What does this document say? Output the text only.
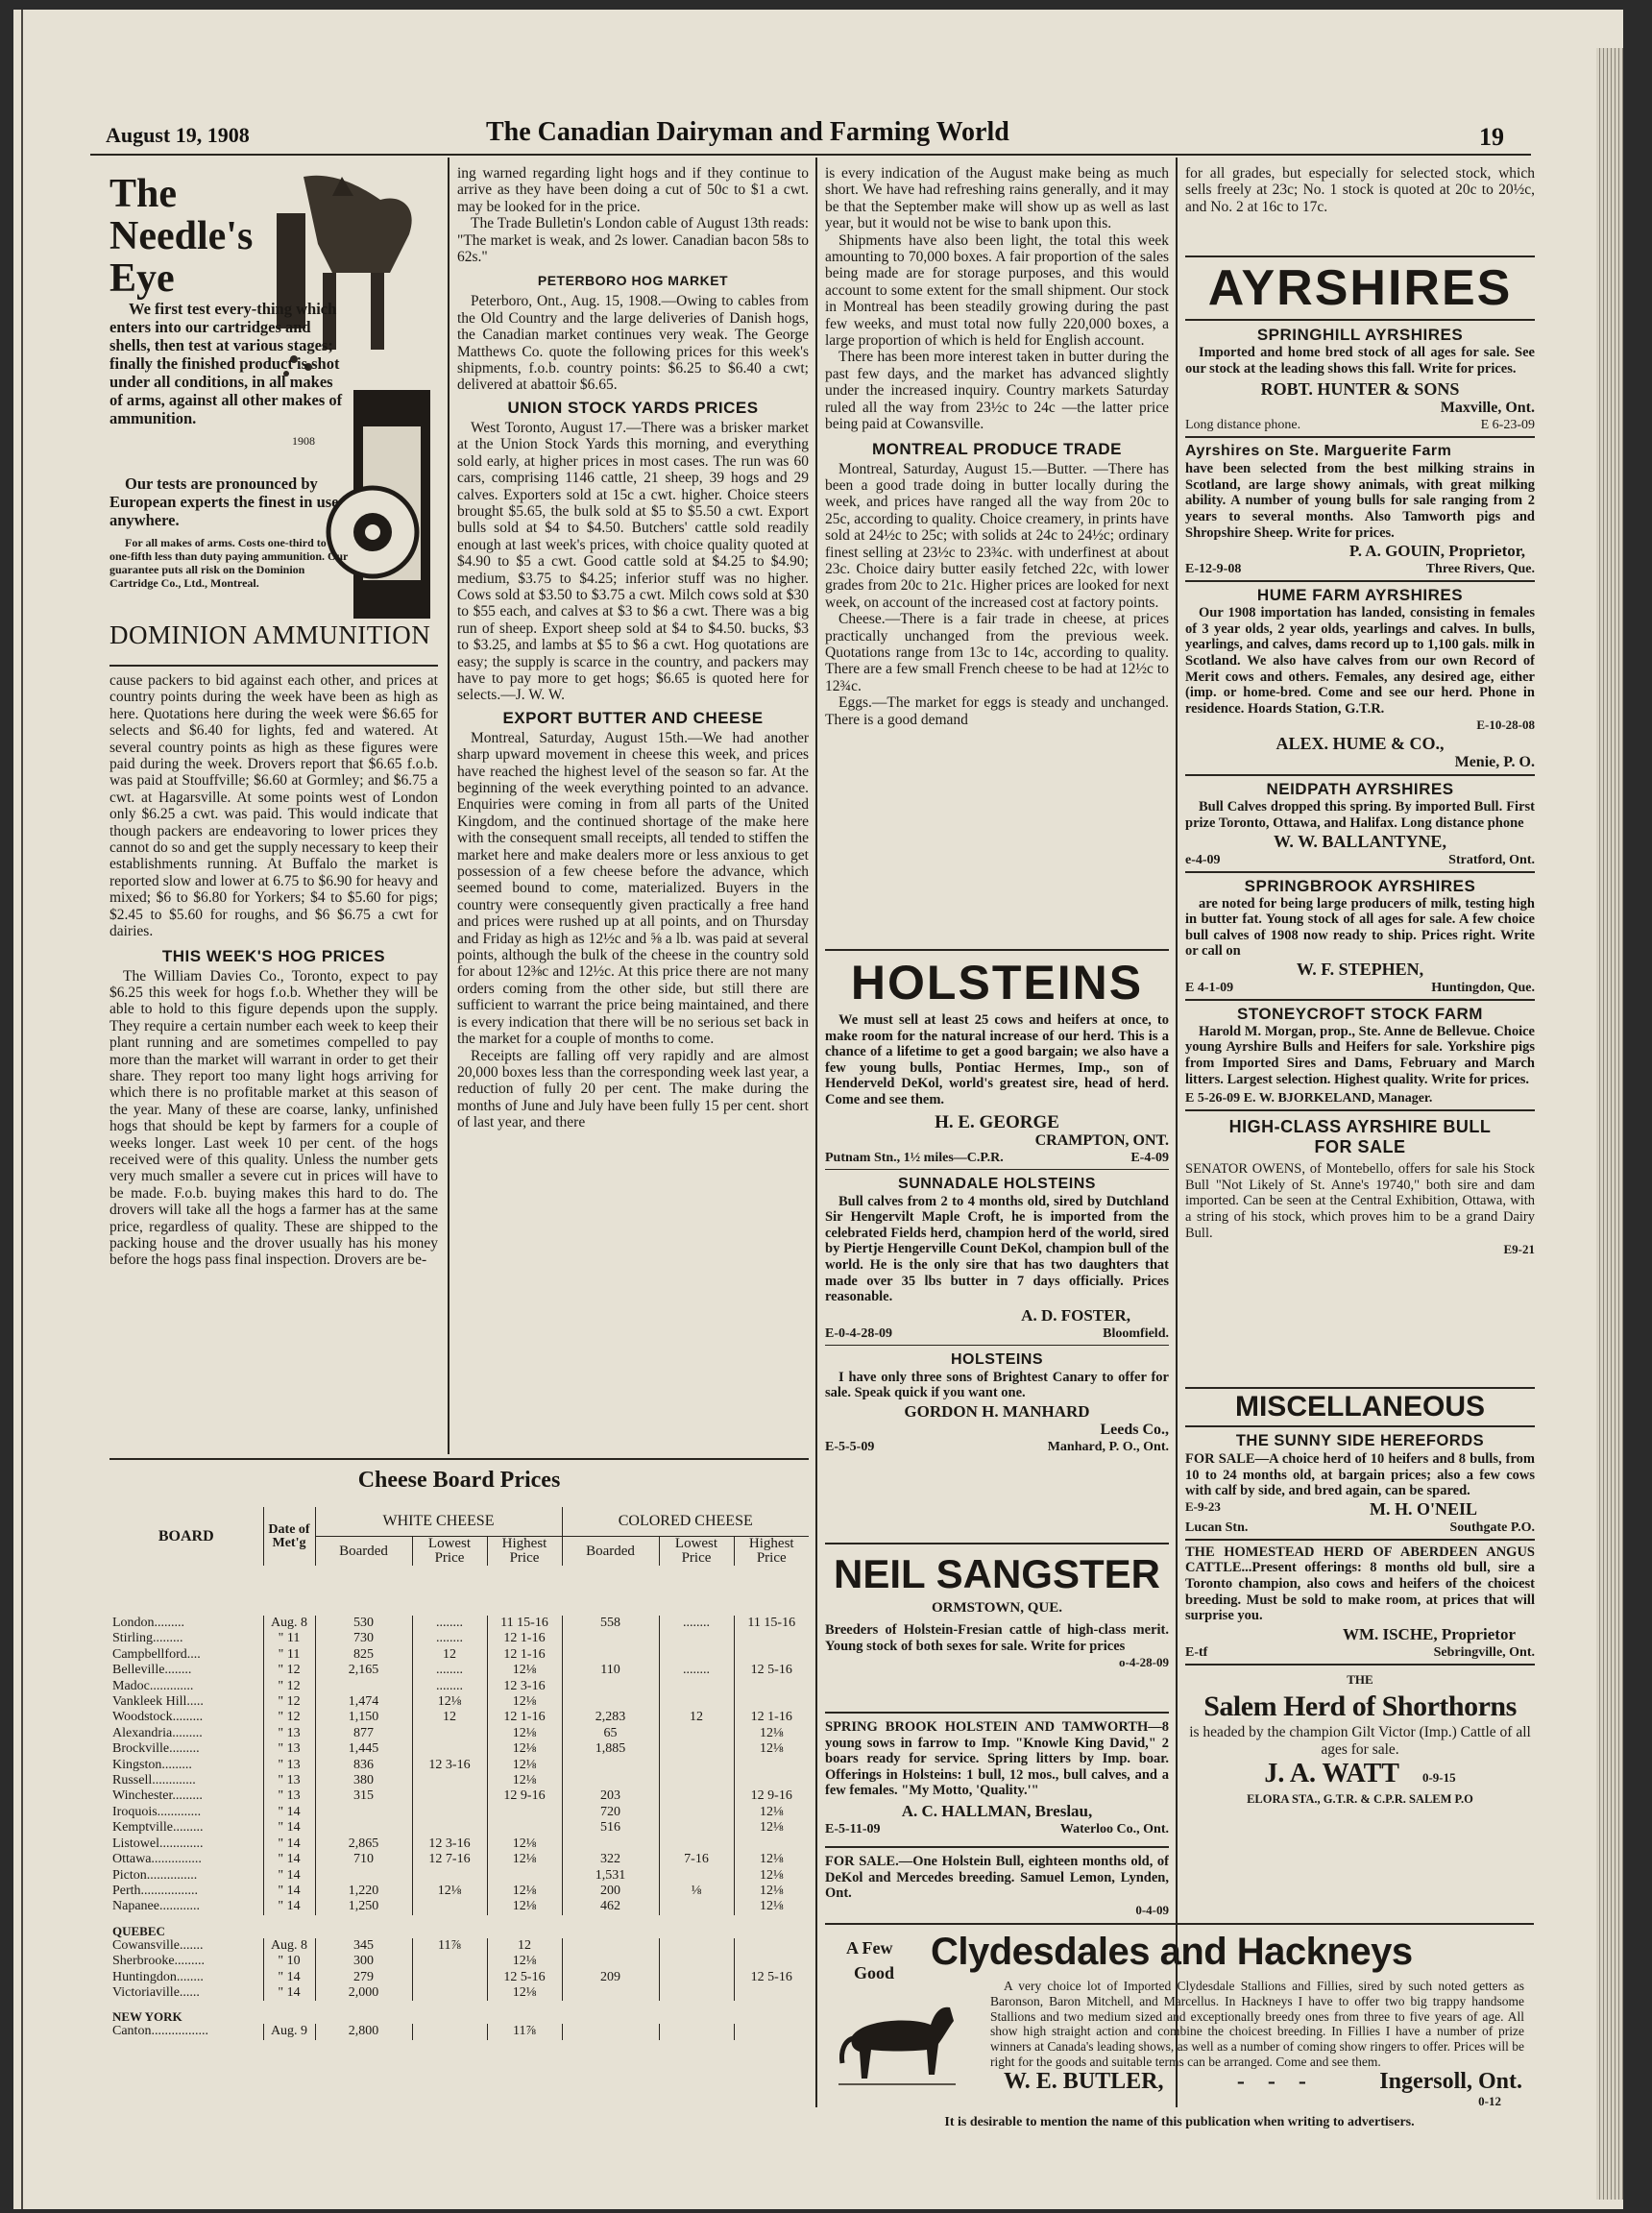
August 19, 1908	The Canadian Dairyman and Farming World	19
The Needle's Eye
1908
We first test every-thing which enters into our cartridges and shells, then test at various stages; finally the finished product is shot under all conditions, in all makes of arms, against all other makes of ammunition.
Our tests are pronounced by European experts the finest in use anywhere.
For all makes of arms. Costs one-third to one-fifth less than duty paying ammunition. Our guarantee puts all risk on the Dominion Cartridge Co., Ltd., Montreal.
DOMINION AMMUNITION

cause packers to bid against each other, and prices at country points during the week have been as high as here. Quotations here during the week were $6.65 for selects and $6.40 for lights, fed and watered. At several country points as high as these figures were paid during the week. Drovers report that $6.65 f.o.b. was paid at Stouffville; $6.60 at Gormley; and $6.75 a cwt. at Hagarsville. At some points west of London only $6.25 a cwt. was paid. This would indicate that though packers are endeavoring to lower prices they cannot do so and get the supply necessary to keep their establishments running. At Buffalo the market is reported slow and lower at 6.75 to $6.90 for heavy and mixed; $6 to $6.80 for Yorkers; $4 to $5.60 for pigs; $2.45 to $5.60 for roughs, and $6 $6.75 a cwt for dairies.

THIS WEEK'S HOG PRICES

The William Davies Co., Toronto, expect to pay $6.25 this week for hogs f.o.b. Whether they will be able to hold to this figure depends upon the supply. They require a certain number each week to keep their plant running and are sometimes compelled to pay more than the market will warrant in order to get their share. They report too many light hogs arriving for which there is no profitable market at this season of the year. Many of these are coarse, lanky, unfinished hogs that should be kept by farmers for a couple of weeks longer. Last week 10 per cent. of the hogs received were of this quality. Unless the number gets very much smaller a severe cut in prices will have to be made. F.o.b. buying makes this hard to do. The drovers will take all the hogs a farmer has at the same price, regardless of quality. These are shipped to the packing house and the drover usually has his money before the hogs pass final inspection. Drovers are be-

ing warned regarding light hogs and if they continue to arrive as they have been doing a cut of 50c to $1 a cwt. may be looked for in the price.

The Trade Bulletin's London cable of August 13th reads: "The market is weak, and 2s lower. Canadian bacon 58s to 62s."

PETERBORO HOG MARKET

Peterboro, Ont., Aug. 15, 1908.—Owing to cables from the Old Country and the large deliveries of Danish hogs, the Canadian market continues very weak. The George Matthews Co. quote the following prices for this week's shipments, f.o.b. country points: $6.25 to $6.40 a cwt; delivered at abattoir $6.65.

UNION STOCK YARDS PRICES

West Toronto, August 17.—There was a brisker market at the Union Stock Yards this morning, and everything sold early, at higher prices in most cases. The run was 60 cars, comprising 1146 cattle, 21 sheep, 39 hogs and 29 calves. Exporters sold at 15c a cwt. higher. Choice steers brought $5.65, the bulk sold at $5 to $5.50 a cwt. Export bulls sold at $4 to $4.50. Butchers' cattle sold readily enough at last week's prices, with choice quality quoted at $4.90 to $5 a cwt. Good cattle sold at $4.25 to $4.90; medium, $3.75 to $4.25; inferior stuff was no higher. Cows sold at $3.50 to $3.75 a cwt. Milch cows sold at $30 to $55 each, and calves at $3 to $6 a cwt. There was a big run of sheep. Export sheep sold at $4 to $4.50. bucks, $3 to $3.25, and lambs at $5 to $6 a cwt. Hog quotations are easy; the supply is scarce in the country, and packers may have to pay more to get hogs; $6.65 is quoted here for selects.—J. W. W.

EXPORT BUTTER AND CHEESE

Montreal, Saturday, August 15th.—We had another sharp upward movement in cheese this week, and prices have reached the highest level of the season so far. At the beginning of the week everything pointed to an advance. Enquiries were coming in from all parts of the United Kingdom, and the continued shortage of the make here with the consequent small receipts, all tended to stiffen the market here and make dealers more or less anxious to get possession of a few cheese before the advance, which seemed bound to come, materialized. Buyers in the country were consequently given practically a free hand and prices were rushed up at all points, and on Thursday and Friday as high as 12½c and ⅝ a lb. was paid at several points, although the bulk of the cheese in the country sold for about 12⅜c and 12½c. At this price there are not many orders coming from the other side, but still there are sufficient to warrant the price being maintained, and there is every indication that there will be no serious set back in the market for a couple of months to come.

Receipts are falling off very rapidly and are almost 20,000 boxes less than the corresponding week last year, a reduction of fully 20 per cent. The make during the months of June and July have been fully 15 per cent. short of last year, and there

is every indication of the August make being as much short. We have had refreshing rains generally, and it may be that the September make will show up as well as last year, but it would not be wise to bank upon this.

Shipments have also been light, the total this week amounting to 70,000 boxes. A fair proportion of the sales being made are for storage purposes, and this would account to some extent for the small shipment. Our stock in Montreal has been steadily growing during the past few weeks, and must total now fully 220,000 boxes, a large proportion of which is held for English account.

There has been more interest taken in butter during the past few days, and the market has advanced slightly under the increased inquiry. Country markets Saturday ruled all the way from 23½c to 24c —the latter price being paid at Cowansville.

MONTREAL PRODUCE TRADE

Montreal, Saturday, August 15.—Butter. —There has been a good trade doing in butter locally during the week, and prices have ranged all the way from 20c to 25c, according to quality. Choice creamery, in prints have sold at 24½c to 25c; with solids at 24c to 24½c; ordinary finest selling at 23½c to 23¾c. with underfinest at about 23c. Choice dairy butter easily fetched 22c, with lower grades from 20c to 21c. Higher prices are looked for next week, on account of the increased cost at factory points.

Cheese.—There is a fair trade in cheese, at prices practically unchanged from the previous week. Quotations range from 13c to 14c, according to quality. There are a few small French cheese to be had at 12½c to 12¾c.

Eggs.—The market for eggs is steady and unchanged. There is a good demand

HOLSTEINS

We must sell at least 25 cows and heifers at once, to make room for the natural increase of our herd. This is a chance of a lifetime to get a good bargain; we also have a few young bulls, Pontiac Hermes, Imp., son of Henderveld DeKol, world's greatest sire, head of herd. Come and see them.

H. E. GEORGE
CRAMPTON, ONT.
Putnam Stn., 1½ miles—C.P.R.	E-4-09
SUNNADALE HOLSTEINS

Bull calves from 2 to 4 months old, sired by Dutchland Sir Hengervilt Maple Croft, he is imported from the celebrated Fields herd, champion herd of the world, sired by Piertje Hengerville Count DeKol, champion bull of the world. He is the only sire that has two daughters that made over 35 lbs butter in 7 days officially. Prices reasonable.

A. D. FOSTER,
E-0-4-28-09	Bloomfield.
HOLSTEINS

I have only three sons of Brightest Canary to offer for sale. Speak quick if you want one.

GORDON H. MANHARD
Leeds Co.,
E-5-5-09	Manhard, P. O., Ont.
NEIL SANGSTER
ORMSTOWN, QUE.

Breeders of Holstein-Fresian cattle of high-class merit. Young stock of both sexes for sale. Write for prices

o-4-28-09

SPRING BROOK HOLSTEIN AND TAMWORTH—8 young sows in farrow to Imp. "Knowle King David," 2 boars ready for service. Spring litters by Imp. boar. Offerings in Holsteins: 1 bull, 12 mos., bull calves, and a few females. "My Motto, 'Quality.'"

A. C. HALLMAN, Breslau,
E-5-11-09	Waterloo Co., Ont.

FOR SALE.—One Holstein Bull, eighteen months old, of DeKol and Mercedes breeding. Samuel Lemon, Lynden, Ont.

0-4-09

for all grades, but especially for selected stock, which sells freely at 23c; No. 1 stock is quoted at 20c to 20½c, and No. 2 at 16c to 17c.

AYRSHIRES
SPRINGHILL AYRSHIRES

Imported and home bred stock of all ages for sale. See our stock at the leading shows this fall. Write for prices.

ROBT. HUNTER & SONS
Maxville, Ont.
Long distance phone.	E 6-23-09
Ayrshires on Ste. Marguerite Farm

have been selected from the best milking strains in Scotland, are large showy animals, with great milking ability. A number of young bulls for sale ranging from 2 years to several months. Also Tamworth pigs and Shropshire Sheep. Write for prices.

P. A. GOUIN, Proprietor,
E-12-9-08	Three Rivers, Que.
HUME FARM AYRSHIRES

Our 1908 importation has landed, consisting in females of 3 year olds, 2 year olds, yearlings and calves. In bulls, yearlings, and calves, dams record up to 1,100 gals. milk in Scotland. We also have calves from our own Record of Merit cows and others. Females, any desired age, either (imp. or home-bred. Come and see our herd. Phone in residence. Hoards Station, G.T.R.

E-10-28-08
ALEX. HUME & CO.,
Menie, P. O.
NEIDPATH AYRSHIRES

Bull Calves dropped this spring. By imported Bull. First prize Toronto, Ottawa, and Halifax. Long distance phone

W. W. BALLANTYNE,
e-4-09	Stratford, Ont.
SPRINGBROOK AYRSHIRES

are noted for being large producers of milk, testing high in butter fat. Young stock of all ages for sale. A few choice bull calves of 1908 now ready to ship. Prices right. Write or call on

W. F. STEPHEN,
E 4-1-09	Huntingdon, Que.
STONEYCROFT STOCK FARM

Harold M. Morgan, prop., Ste. Anne de Bellevue. Choice young Ayrshire Bulls and Heifers for sale. Yorkshire pigs from Imported Sires and Dams, February and March litters. Largest selection. Highest quality. Write for prices.

E 5-26-09 E. W. BJORKELAND, Manager.
HIGH-CLASS AYRSHIRE BULL
FOR SALE

SENATOR OWENS, of Montebello, offers for sale his Stock Bull "Not Likely of St. Anne's 19740," both sire and dam imported. Can be seen at the Central Exhibition, Ottawa, with a string of his stock, which proves him to be a grand Dairy Bull.

E9-21
MISCELLANEOUS
THE SUNNY SIDE HEREFORDS

FOR SALE—A choice herd of 10 heifers and 8 bulls, from 10 to 24 months old, at bargain prices; also a few cows with calf by side, and bred again, can be spared.

E-9-23	M. H. O'NEIL
Lucan Stn.	Southgate P.O.

THE HOMESTEAD HERD OF ABERDEEN ANGUS CATTLE...Present offerings: 8 months old bull, sire a Toronto champion, also cows and heifers of the choicest breeding. Must be sold to make room, at prices that will surprise you.

WM. ISCHE, Proprietor
E-tf	Sebringville, Ont.
THE
Salem Herd of Shorthorns

is headed by the champion Gilt Victor (Imp.) Cattle of all ages for sale.

J. A. WATT 0-9-15
ELORA STA., G.T.R. & C.P.R. SALEM P.O
A Few
Good Clydesdales and Hackneys

A very choice lot of Imported Clydesdale Stallions and Fillies, sired by such noted getters as Baronson, Baron Mitchell, and Marcellus. In Hackneys I have to offer two big trappy handsome Stallions and two medium sized and exceptionally breedy ones from three to five years of age. All show high straight action and combine the choicest breeding. In Fillies I have a number of prize winners at Canada's leading shows, as well as a number of coming show ringers to offer. Prices will be right for the goods and suitable terms can be arranged. Come and see them.

W. E. BUTLER,	-    -    -	Ingersoll, Ont.
0-12
It is desirable to mention the name of this publication when writing to advertisers.
Cheese Board Prices
BOARD	Date of Met'g	WHITE CHEESE			COLORED CHEESE		
		Boarded	Lowest Price	Highest Price	Boarded	Lowest Price	Highest Price

London.........	Aug. 8	530	........	11 15-16	558	........	11 15-16
Stirling.........	" 11	730	........	12 1-16			
Campbellford....	" 11	825	12	12 1-16			
Belleville........	" 12	2,165	........	12⅛	110	........	12 5-16
Madoc.............	" 12		........	12 3-16			
Vankleek Hill.....	" 12	1,474	12⅛	12⅛			
Woodstock.........	" 12	1,150	12	12 1-16	2,283	12	12 1-16
Alexandria.........	" 13	877		12⅛	65		12⅛
Brockville.........	" 13	1,445		12⅛	1,885		12⅛
Kingston.........	" 13	836	12 3-16	12⅛			
Russell.............	" 13	380		12⅛			
Winchester.........	" 13	315		12 9-16	203		12 9-16
Iroquois.............	" 14				720		12⅛
Kemptville.........	" 14				516		12⅛
Listowel.............	" 14	2,865	12 3-16	12⅛			
Ottawa...............	" 14	710	12 7-16	12⅛	322	7-16	12⅛
Picton...............	" 14				1,531		12⅛
Perth.................	" 14	1,220	12⅛	12⅛	200	⅛	12⅛
Napanee............	" 14	1,250		12⅛	462		12⅛
QUEBEC							
Cowansville.......	Aug. 8	345	11⅞	12			
Sherbrooke.........	" 10	300		12⅛			
Huntingdon........	" 14	279		12 5-16	209		12 5-16
Victoriaville......	" 14	2,000		12⅛			
NEW YORK							
Canton.................	Aug. 9	2,800		11⅞			
